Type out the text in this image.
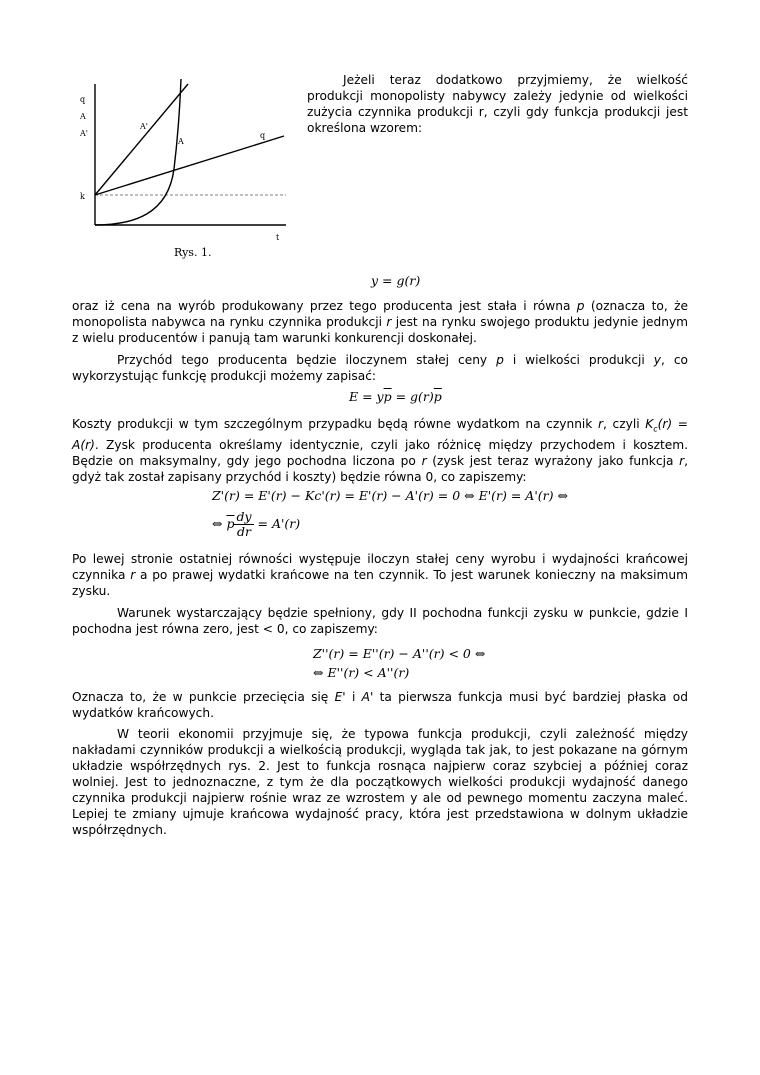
q
A
A'
A'
A
q
k
t
Rys. 1.
Jeżeli teraz dodatkowo przyjmiemy, że wielkość produkcji monopolisty nabywcy zależy jedynie od wielkości zużycia czynnika produkcji r, czyli gdy funkcja produkcji jest określona wzorem:
y = g(r)
oraz iż cena na wyrób produkowany przez tego producenta jest stała i równa p (oznacza to, że monopolista nabywca na rynku czynnika produkcji r jest na rynku swojego produktu jedynie jednym z wielu producentów i panują tam warunki konkurencji doskonałej.
Przychód tego producenta będzie iloczynem stałej ceny p i wielkości produkcji y, co wykorzystując funkcję produkcji możemy zapisać:
$E = y\overline{p} = g(r)\overline{p}$
Koszty produkcji w tym szczególnym przypadku będą równe wydatkom na czynnik r, czyli $K_c(r) = A(r)$. Zysk producenta określamy identycznie, czyli jako różnicę między przychodem i kosztem. Będzie on maksymalny, gdy jego pochodna liczona po r (zysk jest teraz wyrażony jako funkcja r, gdyż tak został zapisany przychód i koszty) będzie równa 0, co zapiszemy:
Z'(r) = E'(r) − Kc'(r) = E'(r) − A'(r) = 0 ⇔ E'(r) = A'(r) ⇔
⇔ $\overline{p} \frac{dy}{dr} = A'(r)$
Po lewej stronie ostatniej równości występuje iloczyn stałej ceny wyrobu i wydajności krańcowej czynnika r a po prawej wydatki krańcowe na ten czynnik. To jest warunek konieczny na maksimum zysku.
Warunek wystarczający będzie spełniony, gdy II pochodna funkcji zysku w punkcie, gdzie I pochodna jest równa zero, jest < 0, co zapiszemy:
Z''(r) = E''(r) − A''(r) < 0 ⇔
⇔ E''(r) < A''(r)
Oznacza to, że w punkcie przecięcia się E' i A' ta pierwsza funkcja musi być bardziej płaska od wydatków krańcowych.
W teorii ekonomii przyjmuje się, że typowa funkcja produkcji, czyli zależność między nakładami czynników produkcji a wielkością produkcji, wygląda tak jak, to jest pokazane na górnym układzie współrzędnych rys. 2. Jest to funkcja rosnąca najpierw coraz szybciej a później coraz wolniej. Jest to jednoznaczne, z tym że dla początkowych wielkości produkcji wydajność danego czynnika produkcji najpierw rośnie wraz ze wzrostem y ale od pewnego momentu zaczyna maleć. Lepiej te zmiany ujmuje krańcowa wydajność pracy, która jest przedstawiona w dolnym układzie współrzędnych.
